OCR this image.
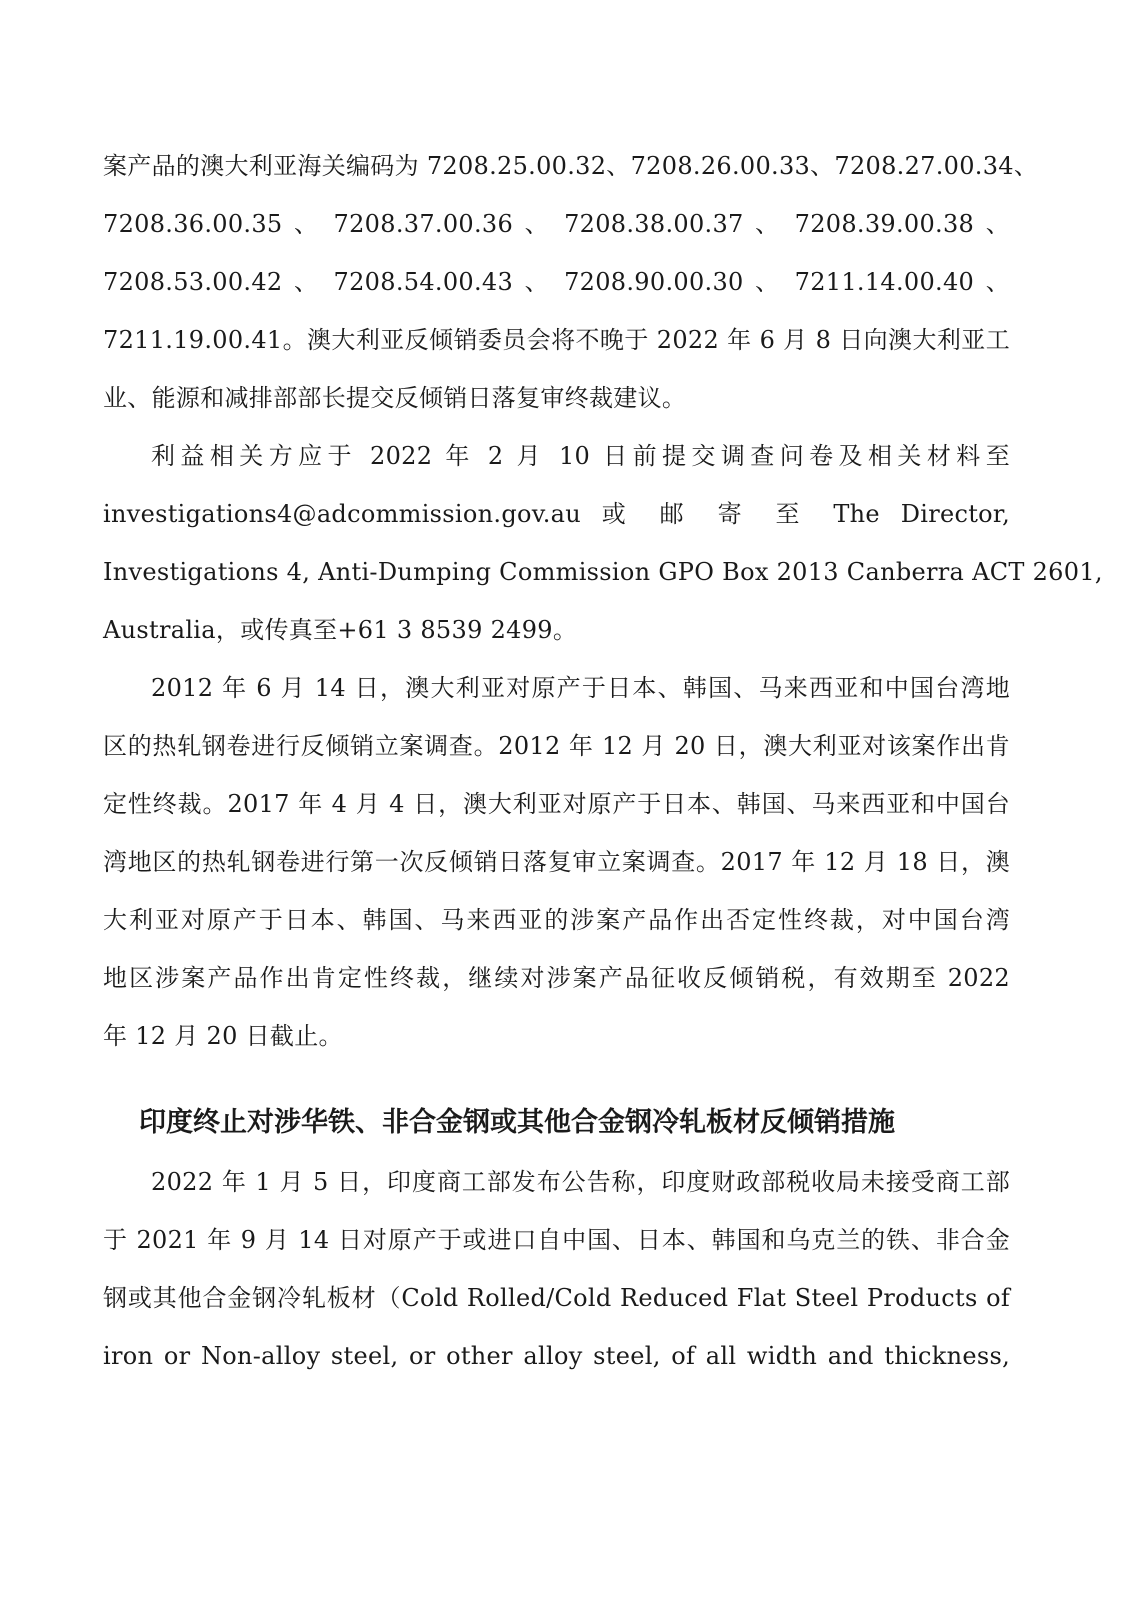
案产品的澳大利亚海关编码为 7208.25.00.32、7208.26.00.33、7208.27.00.34、
7208.36.00.35 、 7208.37.00.36 、 7208.38.00.37 、 7208.39.00.38 、
7208.53.00.42 、 7208.54.00.43 、 7208.90.00.30 、 7211.14.00.40 、
7211.19.00.41。澳大利亚反倾销委员会将不晚于 2022 年 6 月 8 日向澳大利亚工
业、能源和减排部部长提交反倾销日落复审终裁建议。

利益相关方应于 2022 年 2 月 10 日前提交调查问卷及相关材料至
investigations4@adcommission.gov.au 或 邮 寄 至 The Director,
Investigations 4, Anti-Dumping Commission GPO Box 2013 Canberra ACT 2601,
Australia，或传真至+61 3 8539 2499。

2012 年 6 月 14 日，澳大利亚对原产于日本、韩国、马来西亚和中国台湾地
区的热轧钢卷进行反倾销立案调查。2012 年 12 月 20 日，澳大利亚对该案作出肯
定性终裁。2017 年 4 月 4 日，澳大利亚对原产于日本、韩国、马来西亚和中国台
湾地区的热轧钢卷进行第一次反倾销日落复审立案调查。2017 年 12 月 18 日，澳
大利亚对原产于日本、韩国、马来西亚的涉案产品作出否定性终裁，对中国台湾
地区涉案产品作出肯定性终裁，继续对涉案产品征收反倾销税，有效期至 2022
年 12 月 20 日截止。

印度终止对涉华铁、非合金钢或其他合金钢冷轧板材反倾销措施

2022 年 1 月 5 日，印度商工部发布公告称，印度财政部税收局未接受商工部
于 2021 年 9 月 14 日对原产于或进口自中国、日本、韩国和乌克兰的铁、非合金
钢或其他合金钢冷轧板材（Cold Rolled/Cold Reduced Flat Steel Products of
iron or Non-alloy steel, or other alloy steel, of all width and thickness,
